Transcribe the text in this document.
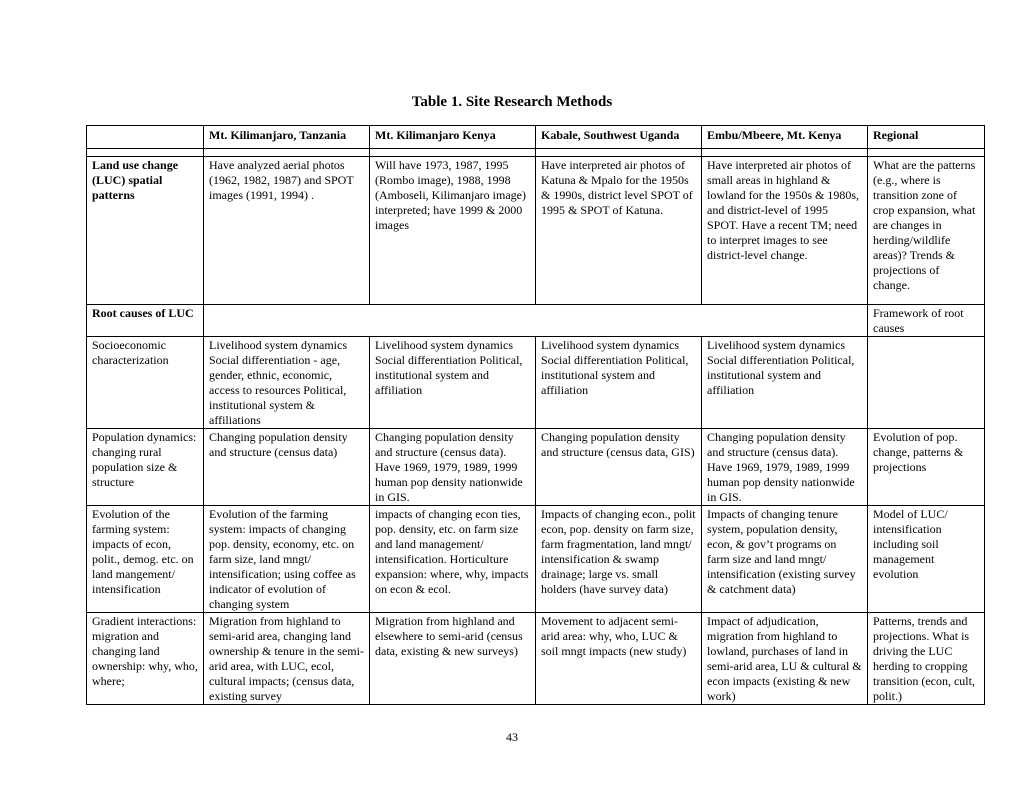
Table 1. Site Research Methods
	Mt. Kilimanjaro, Tanzania	Mt. Kilimanjaro Kenya	Kabale, Southwest Uganda	Embu/Mbeere, Mt. Kenya	Regional

Land use change (LUC) spatial patterns	Have analyzed aerial photos (1962, 1982, 1987) and SPOT images (1991, 1994) .	Will have 1973, 1987, 1995 (Rombo image), 1988, 1998 (Amboseli, Kilimanjaro image) interpreted; have 1999 & 2000 images	Have interpreted air photos of Katuna & Mpalo for the 1950s & 1990s, district level SPOT of 1995 & SPOT of Katuna.	Have interpreted air photos of small areas in highland & lowland for the 1950s & 1980s, and district-level of 1995 SPOT. Have a recent TM; need to interpret images to see district-level change.	What are the patterns (e.g., where is transition zone of crop expansion, what are changes in herding/wildlife areas)? Trends & projections of change.
Root causes of LUC					Framework of root causes
Socioeconomic characterization	Livelihood system dynamics Social differentiation - age, gender, ethnic, economic, access to resources Political, institutional system & affiliations	Livelihood system dynamics Social differentiation Political, institutional system and affiliation	Livelihood system dynamics Social differentiation Political, institutional system and affiliation	Livelihood system dynamics Social differentiation Political, institutional system and affiliation	
Population dynamics: changing rural population size & structure	Changing population density and structure (census data)	Changing population density and structure (census data). Have 1969, 1979, 1989, 1999 human pop density nationwide in GIS.	Changing population density and structure (census data, GIS)	Changing population density and structure (census data). Have 1969, 1979, 1989, 1999 human pop density nationwide in GIS.	Evolution of pop. change, patterns & projections
Evolution of the farming system: impacts of econ, polit., demog. etc. on land mangement/ intensification	Evolution of the farming system: impacts of changing pop. density, economy, etc. on farm size, land mngt/ intensification; using coffee as indicator of evolution of changing system	impacts of changing econ ties, pop. density, etc. on farm size and land management/ intensification. Horticulture expansion: where, why, impacts on econ & ecol.	Impacts of changing econ., polit econ, pop. density on farm size, farm fragmentation, land mngt/ intensification & swamp drainage; large vs. small holders (have survey data)	Impacts of changing tenure system, population density, econ, & gov’t programs on farm size and land mngt/ intensification (existing survey & catchment data)	Model of LUC/ intensification including soil management evolution
Gradient interactions: migration and changing land ownership: why, who, where;	Migration from highland to semi-arid area, changing land ownership & tenure in the semi-arid area, with LUC, ecol, cultural impacts; (census data, existing survey	Migration from highland and elsewhere to semi-arid (census data, existing & new surveys)	Movement to adjacent semi-arid area: why, who, LUC & soil mngt impacts (new study)	Impact of adjudication, migration from highland to lowland, purchases of land in semi-arid area, LU & cultural & econ impacts (existing & new work)	Patterns, trends and projections. What is driving the LUC herding to cropping transition (econ, cult, polit.)
43
